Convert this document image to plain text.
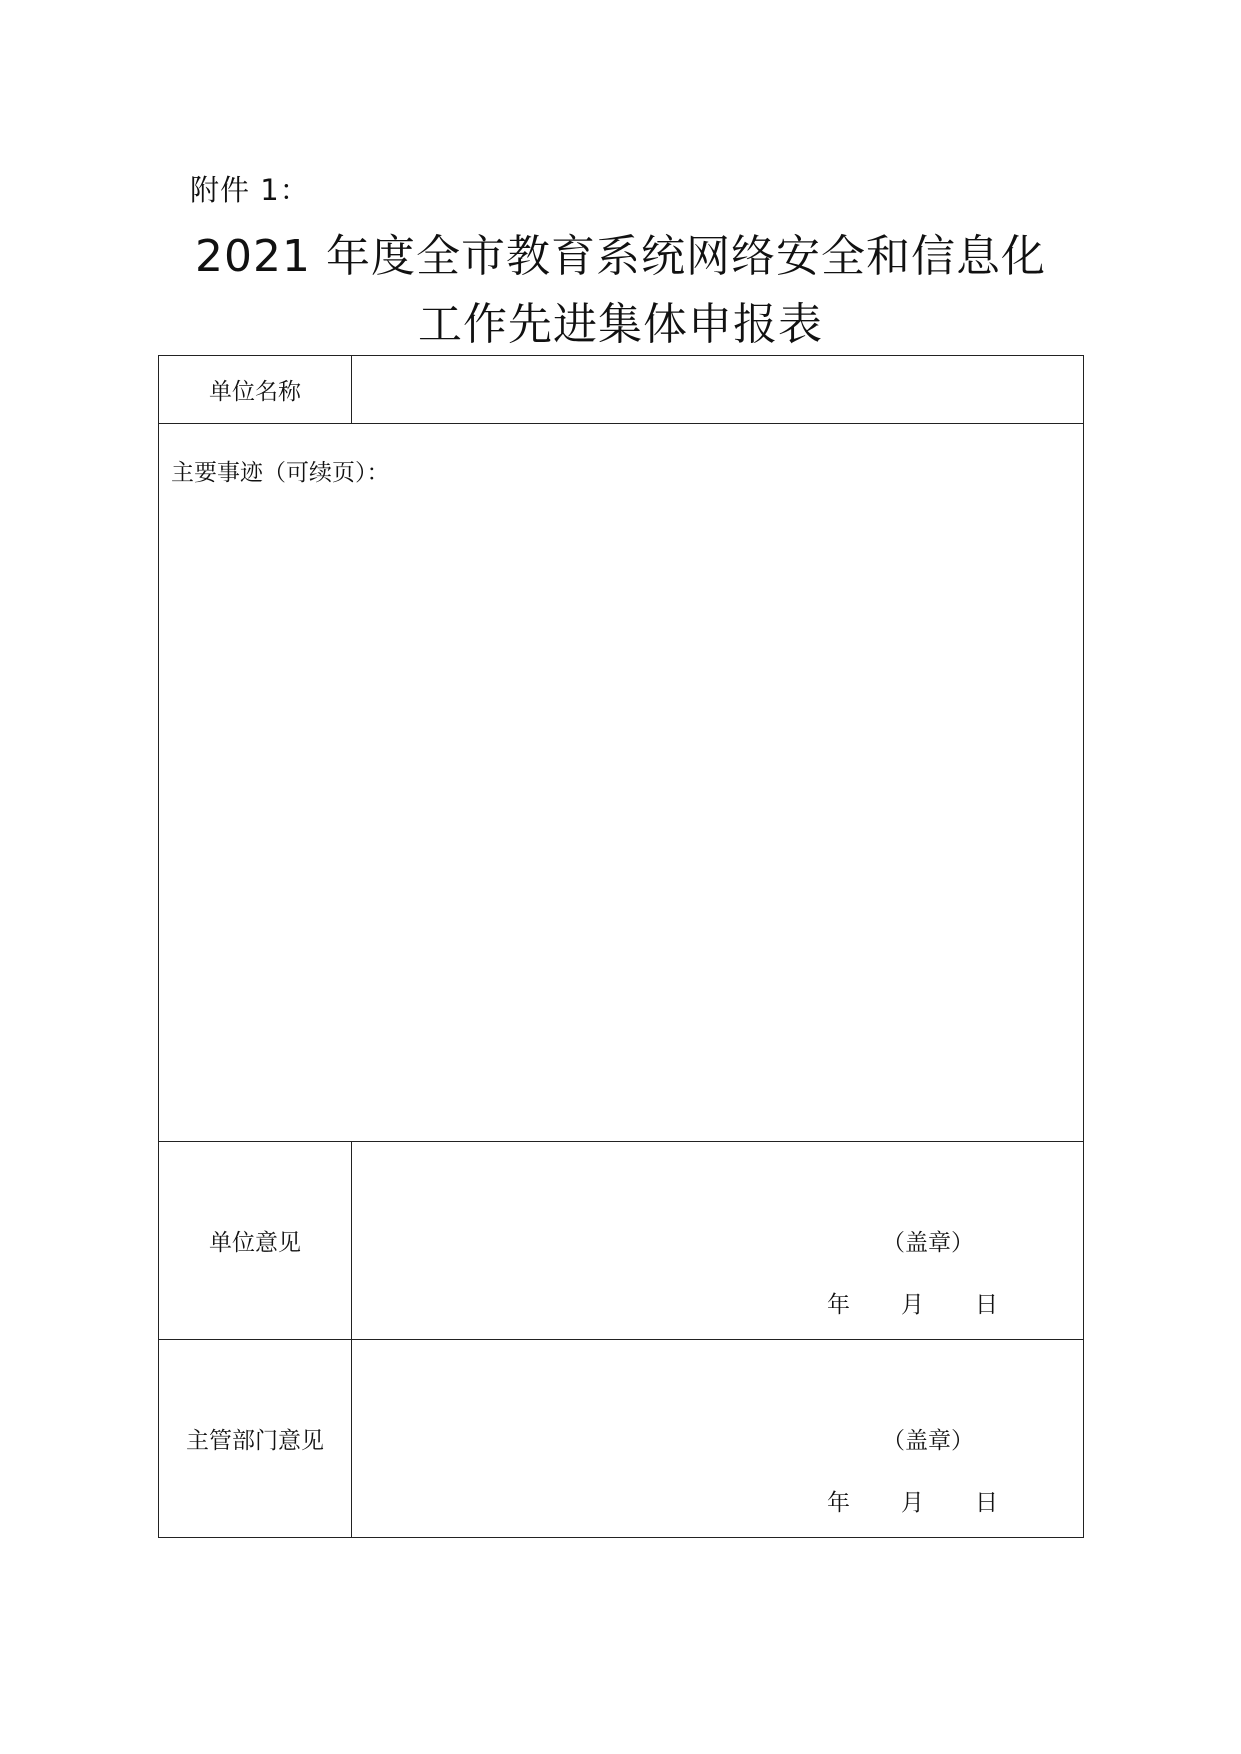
附件 1：
2021 年度全市教育系统网络安全和信息化
工作先进集体申报表
单位名称	

主要事迹（可续页）：	

单位意见	（盖章）
年 月 日

主管部门意见	（盖章）
年 月 日
